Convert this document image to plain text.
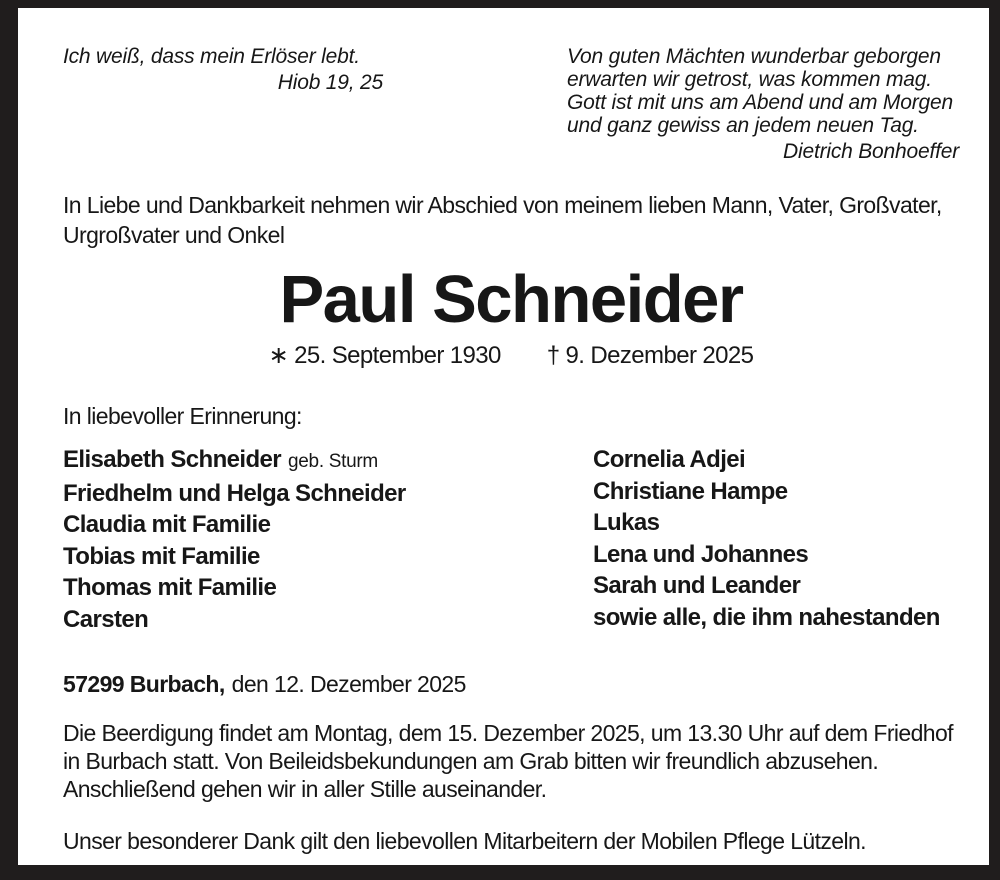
Ich weiß, dass mein Erlöser lebt.
Hiob 19, 25
Von guten Mächten wunderbar geborgen
erwarten wir getrost, was kommen mag.
Gott ist mit uns am Abend und am Morgen
und ganz gewiss an jedem neuen Tag.
Dietrich Bonhoeffer
In Liebe und Dankbarkeit nehmen wir Abschied von meinem lieben Mann, Vater, Großvater,
Urgroßvater und Onkel
Paul Schneider
∗ 25. September 1930 † 9. Dezember 2025
In liebevoller Erinnerung:
Elisabeth Schneider geb. Sturm
Friedhelm und Helga Schneider
Claudia mit Familie
Tobias mit Familie
Thomas mit Familie
Carsten
Cornelia Adjei
Christiane Hampe
Lukas
Lena und Johannes
Sarah und Leander
sowie alle, die ihm nahestanden
57299 Burbach, den 12. Dezember 2025
Die Beerdigung findet am Montag, dem 15. Dezember 2025, um 13.30 Uhr auf dem Friedhof
in Burbach statt. Von Beileidsbekundungen am Grab bitten wir freundlich abzusehen.
Anschließend gehen wir in aller Stille auseinander.
Unser besonderer Dank gilt den liebevollen Mitarbeitern der Mobilen Pflege Lützeln.
